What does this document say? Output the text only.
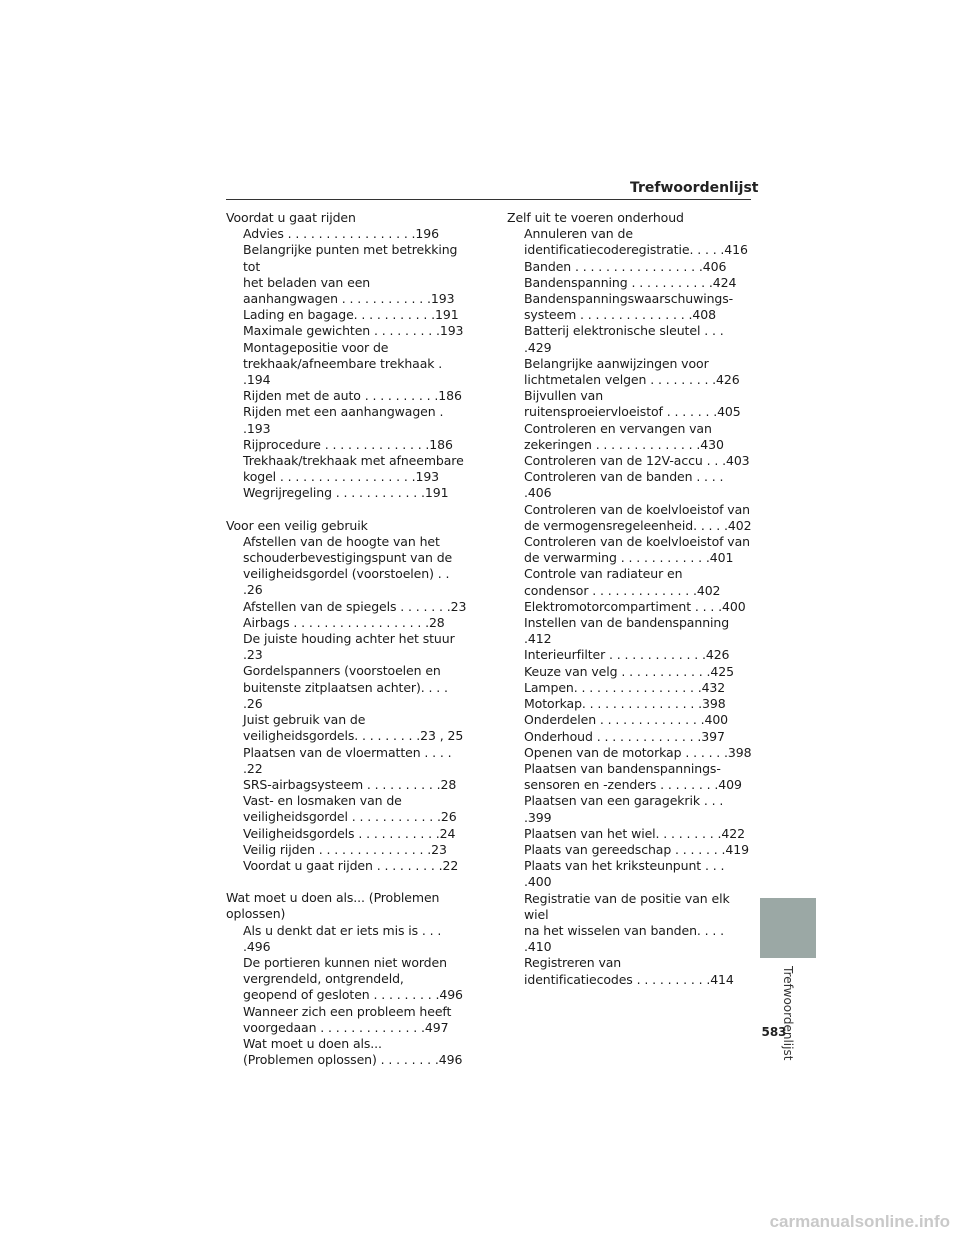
Trefwoordenlijst
Voordat u gaat rijden
Advies . . . . . . . . . . . . . . . . .196
Belangrijke punten met betrekking tot
het beladen van een
aanhangwagen . . . . . . . . . . . .193
Lading en bagage. . . . . . . . . . .191
Maximale gewichten . . . . . . . . .193
Montagepositie voor de
trekhaak/afneembare trekhaak . .194
Rijden met de auto . . . . . . . . . .186
Rijden met een aanhangwagen . .193
Rijprocedure . . . . . . . . . . . . . .186
Trekhaak/trekhaak met afneembare
kogel . . . . . . . . . . . . . . . . . .193
Wegrijregeling . . . . . . . . . . . .191
Voor een veilig gebruik
Afstellen van de hoogte van het
schouderbevestigingspunt van de
veiligheidsgordel (voorstoelen) . . .26
Afstellen van de spiegels . . . . . . .23
Airbags . . . . . . . . . . . . . . . . . .28
De juiste houding achter het stuur .23
Gordelspanners (voorstoelen en
buitenste zitplaatsen achter). . . . .26
Juist gebruik van de
veiligheidsgordels. . . . . . . . .23 , 25
Plaatsen van de vloermatten . . . . .22
SRS-airbagsysteem . . . . . . . . . .28
Vast- en losmaken van de
veiligheidsgordel . . . . . . . . . . . .26
Veiligheidsgordels . . . . . . . . . . .24
Veilig rijden . . . . . . . . . . . . . . .23
Voordat u gaat rijden . . . . . . . . .22
Wat moet u doen als... (Problemen
oplossen)
Als u denkt dat er iets mis is . . . .496
De portieren kunnen niet worden
vergrendeld, ontgrendeld,
geopend of gesloten . . . . . . . . .496
Wanneer zich een probleem heeft
voorgedaan . . . . . . . . . . . . . .497
Wat moet u doen als...
(Problemen oplossen) . . . . . . . .496
Zelf uit te voeren onderhoud
Annuleren van de
identificatiecoderegistratie. . . . .416
Banden . . . . . . . . . . . . . . . . .406
Bandenspanning . . . . . . . . . . .424
Bandenspanningswaarschuwings-
systeem . . . . . . . . . . . . . . .408
Batterij elektronische sleutel . . . .429
Belangrijke aanwijzingen voor
lichtmetalen velgen . . . . . . . . .426
Bijvullen van
ruitensproeiervloeistof . . . . . . .405
Controleren en vervangen van
zekeringen . . . . . . . . . . . . . .430
Controleren van de 12V-accu . . .403
Controleren van de banden . . . . .406
Controleren van de koelvloeistof van
de vermogensregeleenheid. . . . .402
Controleren van de koelvloeistof van
de verwarming . . . . . . . . . . . .401
Controle van radiateur en
condensor . . . . . . . . . . . . . .402
Elektromotorcompartiment . . . .400
Instellen van de bandenspanning .412
Interieurfilter . . . . . . . . . . . . .426
Keuze van velg . . . . . . . . . . . .425
Lampen. . . . . . . . . . . . . . . . .432
Motorkap. . . . . . . . . . . . . . . .398
Onderdelen . . . . . . . . . . . . . .400
Onderhoud . . . . . . . . . . . . . .397
Openen van de motorkap . . . . . .398
Plaatsen van bandenspannings-
sensoren en -zenders . . . . . . . .409
Plaatsen van een garagekrik . . . .399
Plaatsen van het wiel. . . . . . . . .422
Plaats van gereedschap . . . . . . .419
Plaats van het kriksteunpunt . . . .400
Registratie van de positie van elk wiel
na het wisselen van banden. . . . .410
Registreren van
identificatiecodes . . . . . . . . . .414
583
Trefwoordenlijst
carmanualsonline.info
